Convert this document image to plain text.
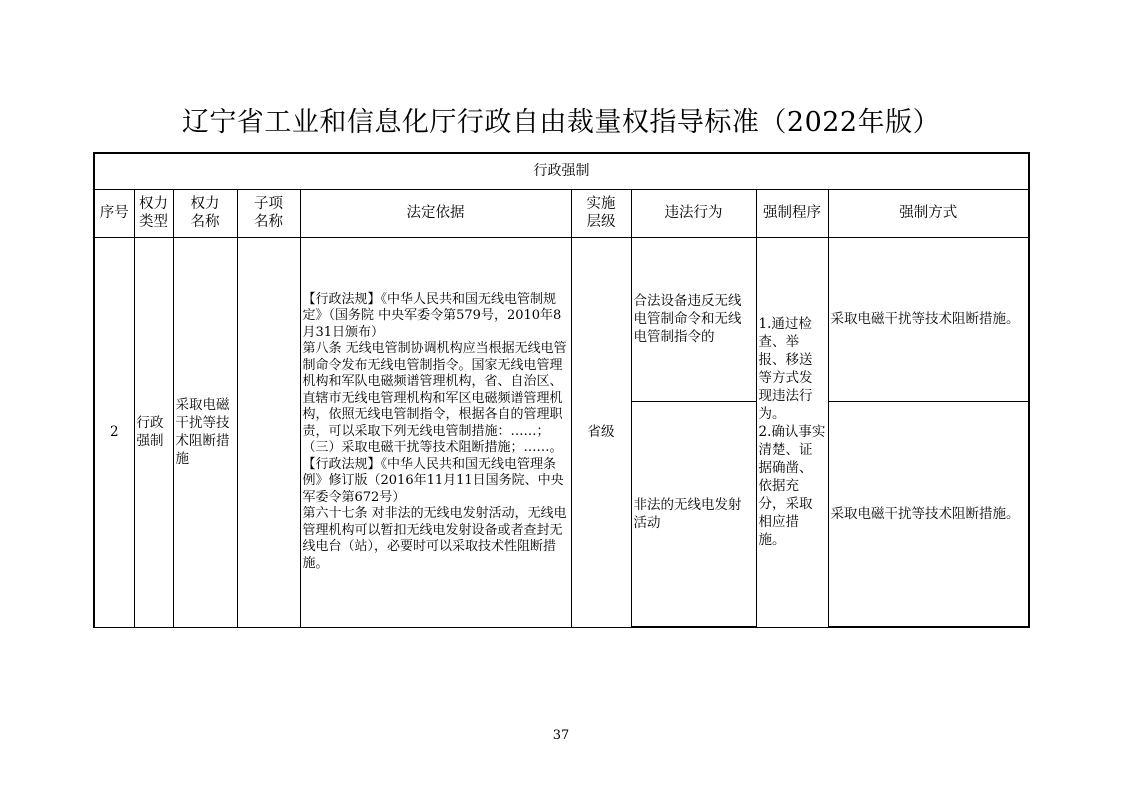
辽宁省工业和信息化厅行政自由裁量权指导标准（2022年版）
行政强制								
序号	权力类型	权力名称	子项名称	法定依据	实施层级	违法行为	强制程序	强制方式
2	行政强制	采取电磁干扰等技术阻断措施		【行政法规】《中华人民共和国无线电管制规定》（国务院 中央军委令第579号，2010年8月31日颁布）
第八条 无线电管制协调机构应当根据无线电管制命令发布无线电管制指令。国家无线电管理机构和军队电磁频谱管理机构，省、自治区、直辖市无线电管理机构和军区电磁频谱管理机构，依照无线电管制指令，根据各自的管理职责，可以采取下列无线电管制措施：……；（三）采取电磁干扰等技术阻断措施；……。
【行政法规】《中华人民共和国无线电管理条例》修订版（2016年11月11日国务院、中央军委令第672号）
第六十七条 对非法的无线电发射活动，无线电管理机构可以暂扣无线电发射设备或者查封无线电台（站），必要时可以采取技术性阻断措施。	省级	合法设备违反无线电管制命令和无线电管制指令的	1.通过检查、举报、移送等方式发现违法行为。
2.确认事实清楚、证据确凿、依据充分，采取相应措施。	采取电磁干扰等技术阻断措施。
						非法的无线电发射活动		采取电磁干扰等技术阻断措施。
37
